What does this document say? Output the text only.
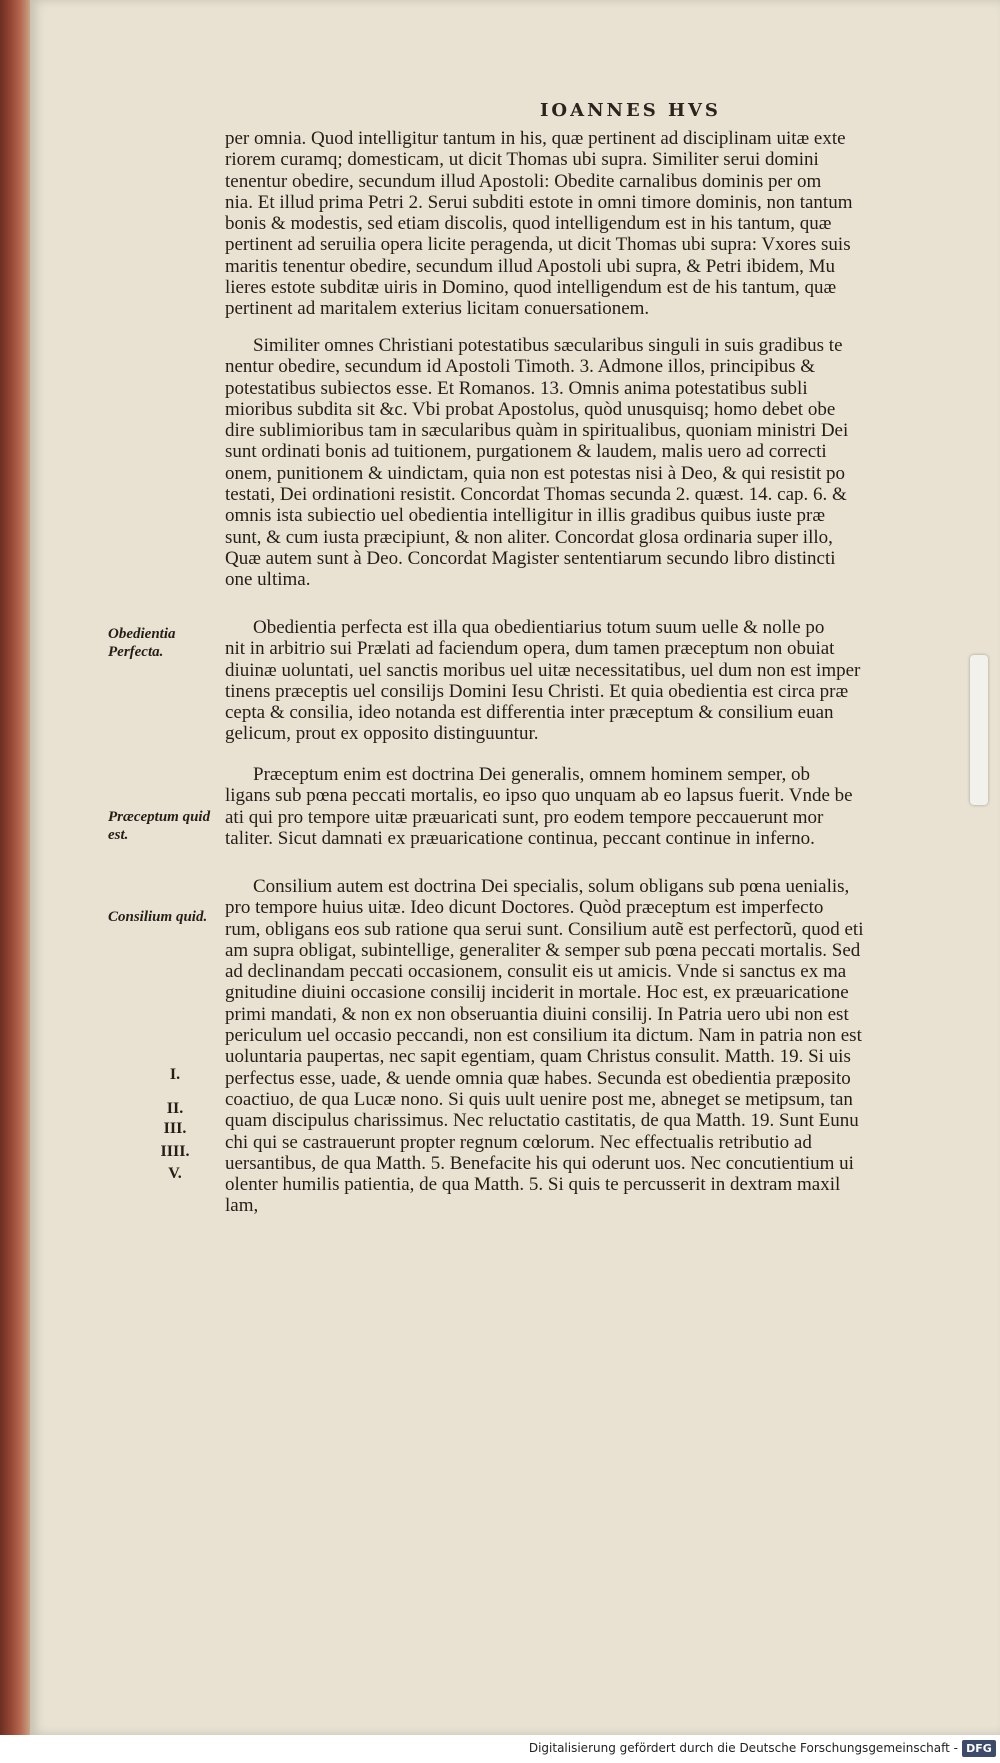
IOANNES HVS
per omnia. Quod intelligitur tantum in his, quæ pertinent ad disciplinam uitæ exte
riorem curamq; domesticam, ut dicit Thomas ubi supra. Similiter serui domini
tenentur obedire, secundum illud Apostoli: Obedite carnalibus dominis per om
nia. Et illud prima Petri 2. Serui subditi estote in omni timore dominis, non tantum
bonis & modestis, sed etiam discolis, quod intelligendum est in his tantum, quæ
pertinent ad seruilia opera licite peragenda, ut dicit Thomas ubi supra: Vxores suis
maritis tenentur obedire, secundum illud Apostoli ubi supra, & Petri ibidem, Mu
lieres estote subditæ uiris in Domino, quod intelligendum est de his tantum, quæ
pertinent ad maritalem exterius licitam conuersationem.
Similiter omnes Christiani potestatibus sæcularibus singuli in suis gradibus te
nentur obedire, secundum id Apostoli Timoth. 3. Admone illos, principibus &
potestatibus subiectos esse. Et Romanos. 13. Omnis anima potestatibus subli
mioribus subdita sit &c. Vbi probat Apostolus, quòd unusquisq; homo debet obe
dire sublimioribus tam in sæcularibus quàm in spiritualibus, quoniam ministri Dei
sunt ordinati bonis ad tuitionem, purgationem & laudem, malis uero ad correcti
onem, punitionem & uindictam, quia non est potestas nisi à Deo, & qui resistit po
testati, Dei ordinationi resistit. Concordat Thomas secunda 2. quæst. 14. cap. 6. &
omnis ista subiectio uel obedientia intelligitur in illis gradibus quibus iuste præ
sunt, & cum iusta præcipiunt, & non aliter. Concordat glosa ordinaria super illo,
Quæ autem sunt à Deo. Concordat Magister sententiarum secundo libro distincti
one ultima.
Obedientia perfecta est illa qua obedientiarius totum suum uelle & nolle po
nit in arbitrio sui Prælati ad faciendum opera, dum tamen præceptum non obuiat
diuinæ uoluntati, uel sanctis moribus uel uitæ necessitatibus, uel dum non est imper
tinens præceptis uel consilijs Domini Iesu Christi. Et quia obedientia est circa præ
cepta & consilia, ideo notanda est differentia inter præceptum & consilium euan
gelicum, prout ex opposito distinguuntur.
Præceptum enim est doctrina Dei generalis, omnem hominem semper, ob
ligans sub pœna peccati mortalis, eo ipso quo unquam ab eo lapsus fuerit. Vnde be
ati qui pro tempore uitæ præuaricati sunt, pro eodem tempore peccauerunt mor
taliter. Sicut damnati ex præuaricatione continua, peccant continue in inferno.
Consilium autem est doctrina Dei specialis, solum obligans sub pœna uenialis,
pro tempore huius uitæ. Ideo dicunt Doctores. Quòd præceptum est imperfecto
rum, obligans eos sub ratione qua serui sunt. Consilium autẽ est perfectorũ, quod eti
am supra obligat, subintellige, generaliter & semper sub pœna peccati mortalis. Sed
ad declinandam peccati occasionem, consulit eis ut amicis. Vnde si sanctus ex ma
gnitudine diuini occasione consilij inciderit in mortale. Hoc est, ex præuaricatione
primi mandati, & non ex non obseruantia diuini consilij. In Patria uero ubi non est
periculum uel occasio peccandi, non est consilium ita dictum. Nam in patria non est
uoluntaria paupertas, nec sapit egentiam, quam Christus consulit. Matth. 19. Si uis
perfectus esse, uade, & uende omnia quæ habes. Secunda est obedientia præposito
coactiuo, de qua Lucæ nono. Si quis uult uenire post me, abneget se metipsum, tan
quam discipulus charissimus. Nec reluctatio castitatis, de qua Matth. 19. Sunt Eunu
chi qui se castrauerunt propter regnum cœlorum. Nec effectualis retributio ad
uersantibus, de qua Matth. 5. Benefacite his qui oderunt uos. Nec concutientium ui
olenter humilis patientia, de qua Matth. 5. Si quis te percusserit in dextram maxil
lam,
Obedientia Perfecta.
Præceptum quid est.
Consilium quid.
I.
II.
III.
IIII.
V.
Digitalisierung gefördert durch die Deutsche Forschungsgemeinschaft - DFG
